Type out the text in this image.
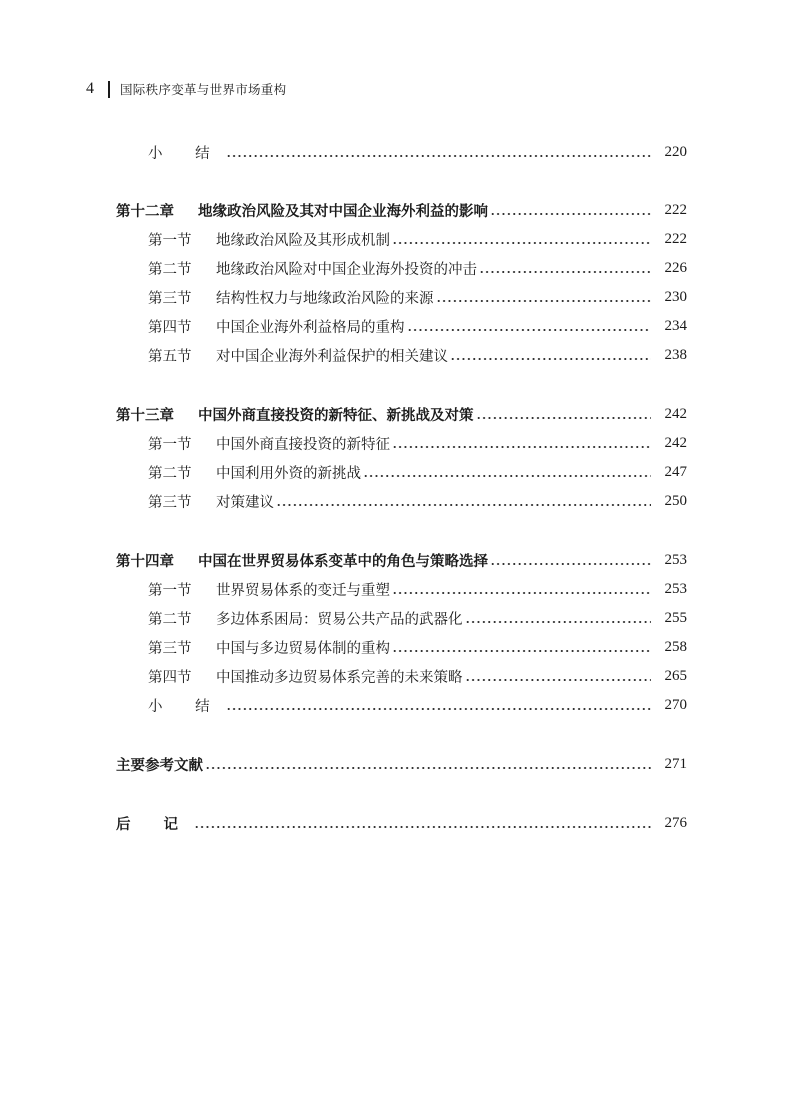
4	国际秩序变革与世界市场重构
小 结	220
第十二章 地缘政治风险及其对中国企业海外利益的影响	222
第一节 地缘政治风险及其形成机制	222
第二节 地缘政治风险对中国企业海外投资的冲击	226
第三节 结构性权力与地缘政治风险的来源	230
第四节 中国企业海外利益格局的重构	234
第五节 对中国企业海外利益保护的相关建议	238
第十三章 中国外商直接投资的新特征、新挑战及对策	242
第一节 中国外商直接投资的新特征	242
第二节 中国利用外资的新挑战	247
第三节 对策建议	250
第十四章 中国在世界贸易体系变革中的角色与策略选择	253
第一节 世界贸易体系的变迁与重塑	253
第二节 多边体系困局：贸易公共产品的武器化	255
第三节 中国与多边贸易体制的重构	258
第四节 中国推动多边贸易体系完善的未来策略	265
小 结	270
主要参考文献	271
后 记	276
